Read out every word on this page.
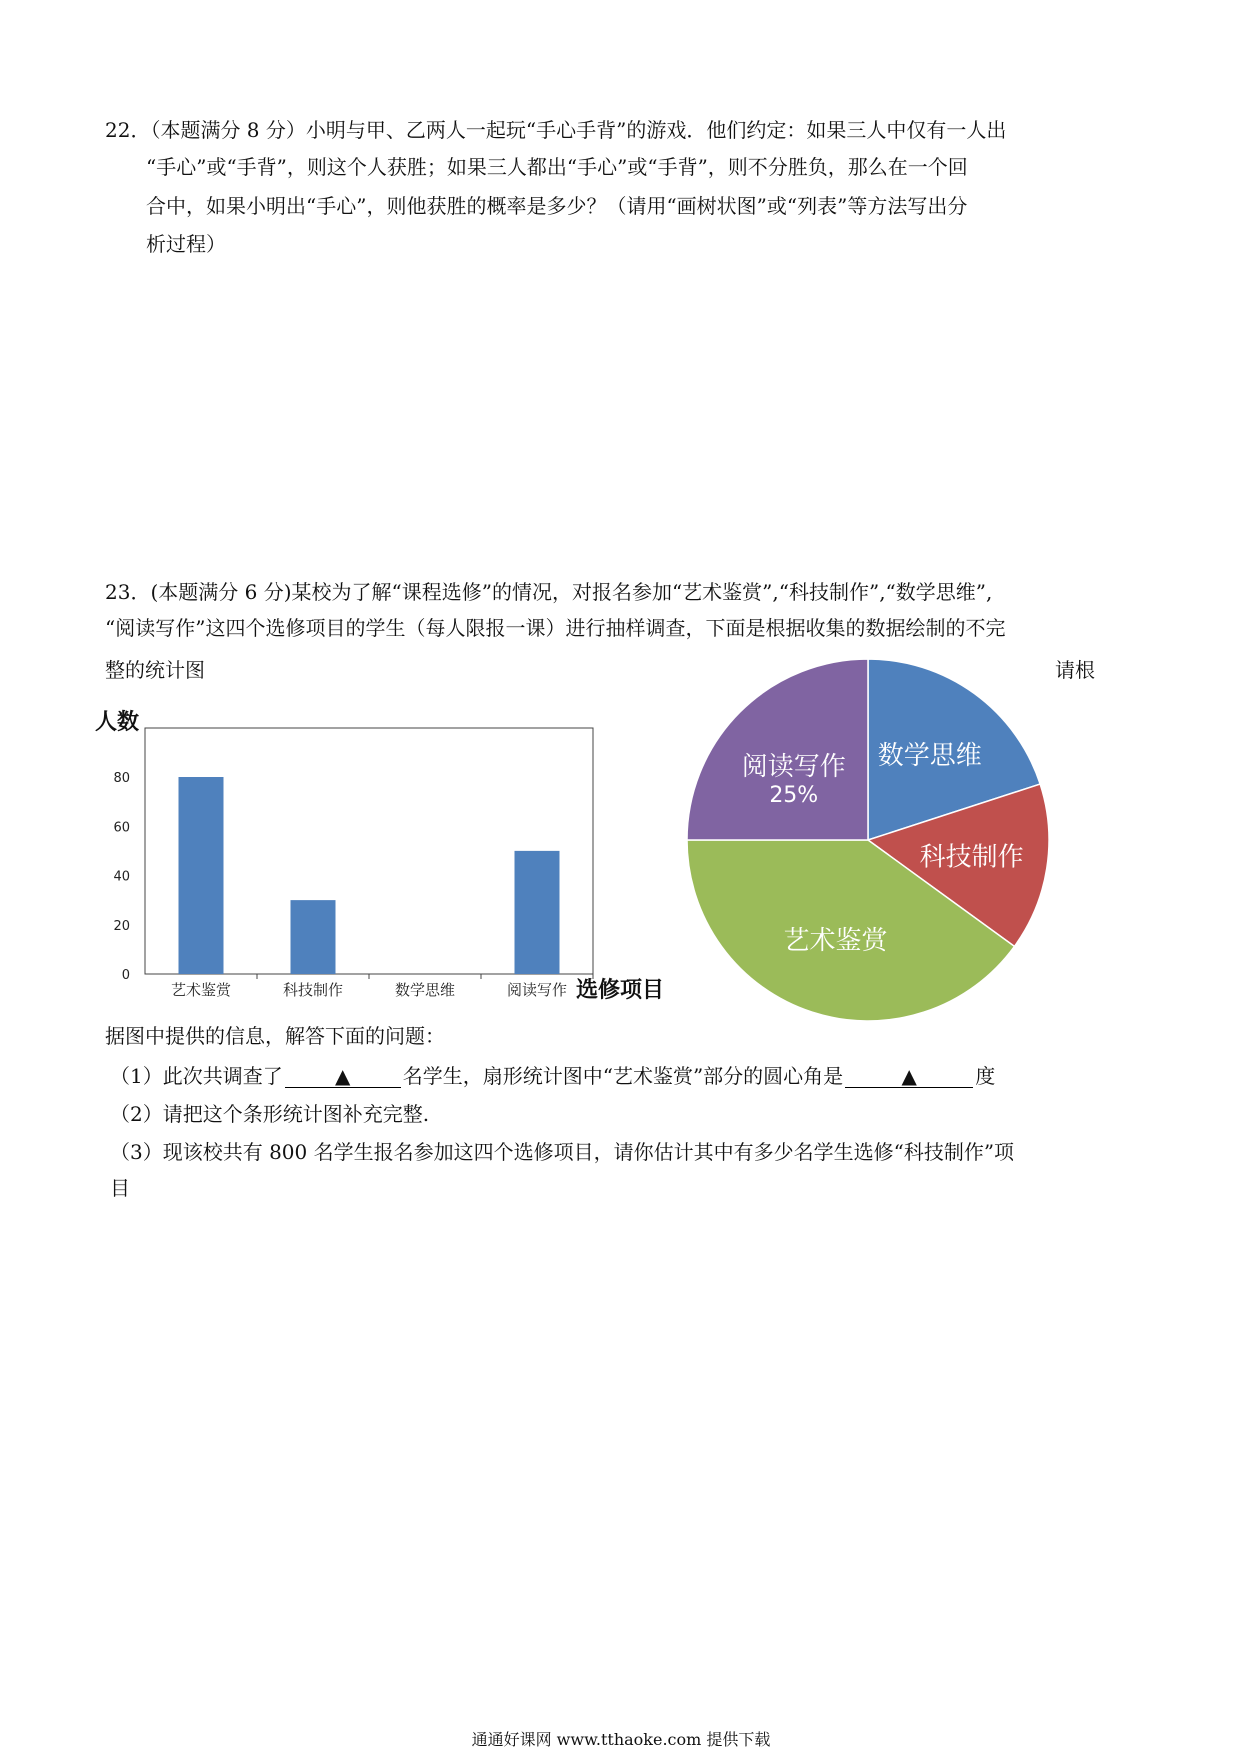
22．（本题满分 8 分）小明与甲、乙两人一起玩“手心手背”的游戏．他们约定：如果三人中仅有一人出
“手心”或“手背”，则这个人获胜；如果三人都出“手心”或“手背”，则不分胜负，那么在一个回
合中，如果小明出“手心”，则他获胜的概率是多少？（请用“画树状图”或“列表”等方法写出分
析过程）
23．(本题满分 6 分)某校为了解“课程选修”的情况，对报名参加“艺术鉴赏”,“科技制作”,“数学思维”,
“阅读写作”这四个选修项目的学生（每人限报一课）进行抽样调查，下面是根据收集的数据绘制的不完
整的统计图	请根
人数
0
20
40
60
80
艺术鉴赏	科技制作	数学思维	阅读写作 选修项目
数学思维
科技制作
艺术鉴赏
阅读写作
25%
据图中提供的信息，解答下面的问题：
（1）此次共调查了	▲	名学生，扇形统计图中“艺术鉴赏”部分的圆心角是	▲	度
（2）请把这个条形统计图补充完整.
（3）现该校共有 800 名学生报名参加这四个选修项目，请你估计其中有多少名学生选修“科技制作”项
目
通通好课网 www.tthaoke.com 提供下载
